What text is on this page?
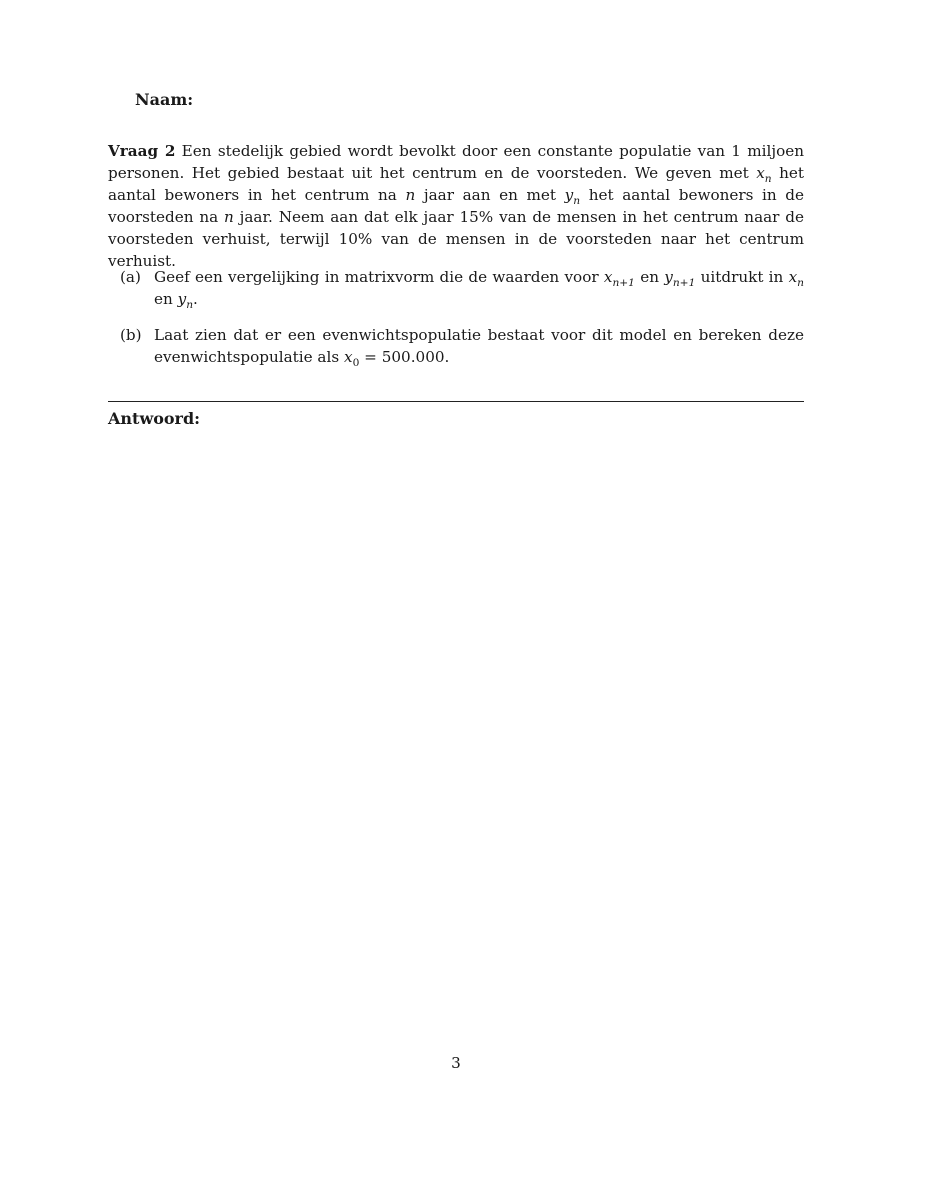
Naam:

Vraag 2 Een stedelijk gebied wordt bevolkt door een constante populatie van 1 miljoen personen. Het gebied bestaat uit het centrum en de voorsteden. We geven met $x_n$ het aantal bewoners in het centrum na n jaar aan en met $y_n$ het aantal bewoners in de voorsteden na n jaar. Neem aan dat elk jaar 15% van de mensen in het centrum naar de voorsteden verhuist, terwijl 10% van de mensen in de voorsteden naar het centrum verhuist.

(a) Geef een vergelijking in matrixvorm die de waarden voor $x_{n+1}$ en $y_{n+1}$ uitdrukt in $x_n$ en $y_n$.
(b) Laat zien dat er een evenwichtspopulatie bestaat voor dit model en bereken deze evenwichtspopulatie als $x_0 = 500.000$.

Antwoord:

3
